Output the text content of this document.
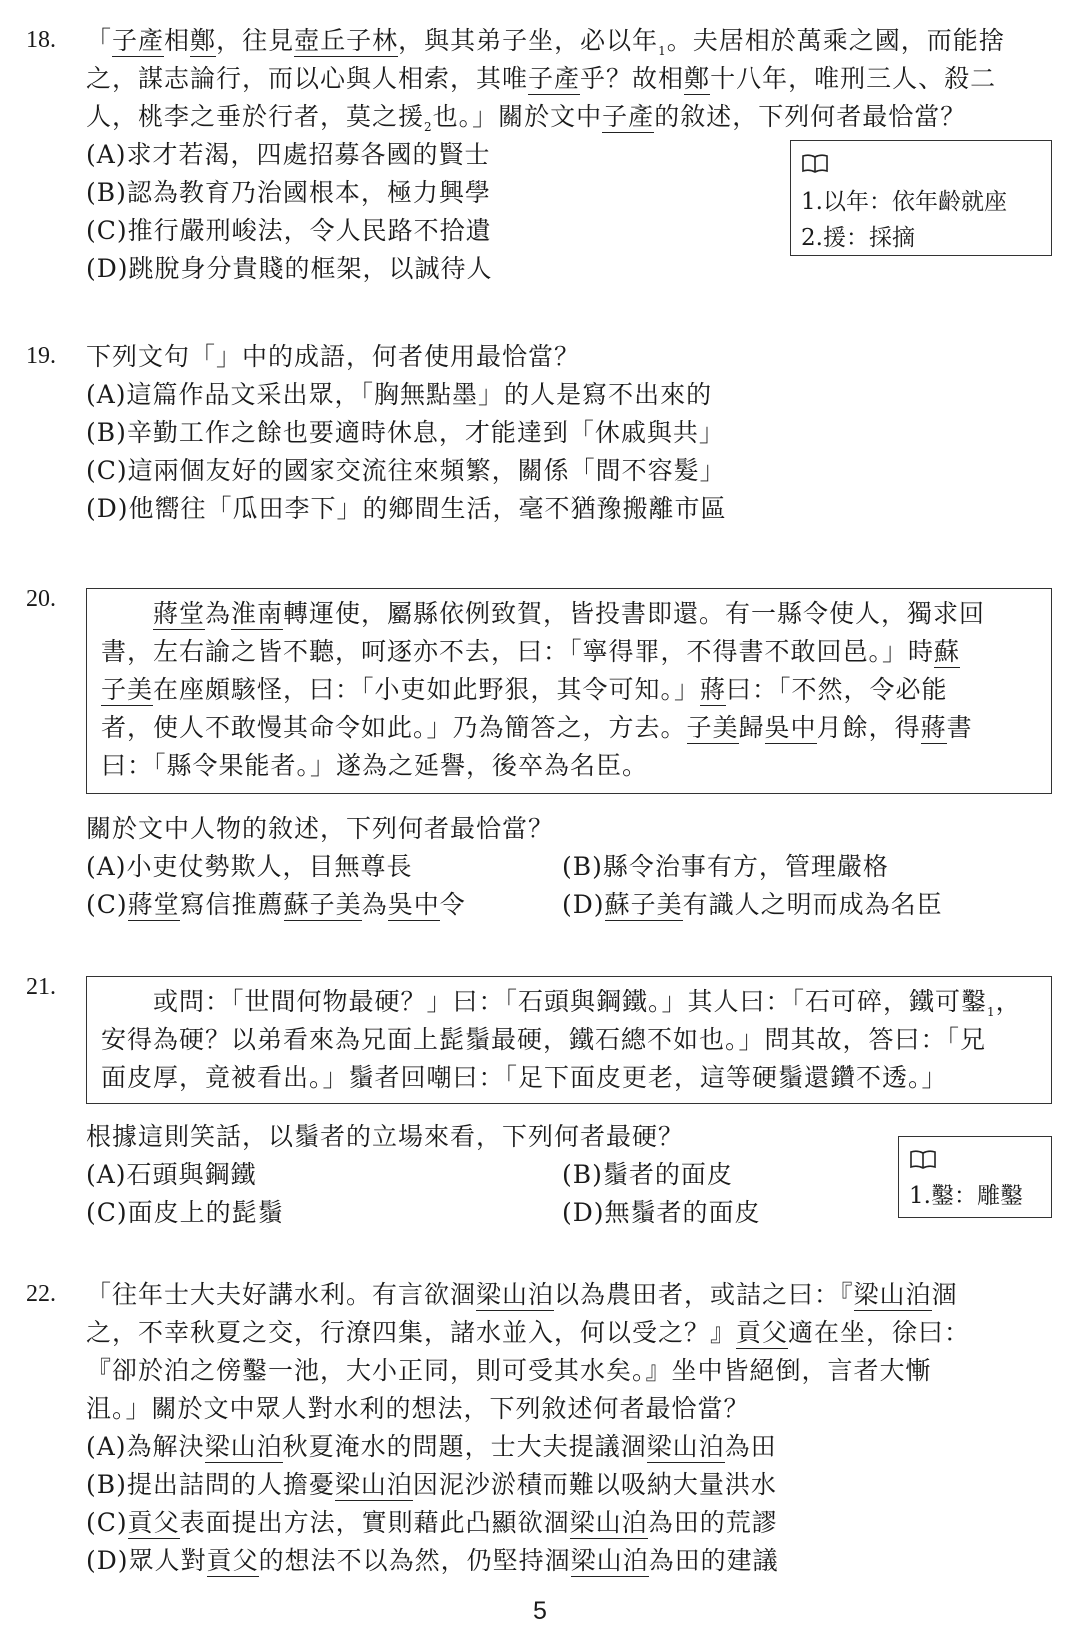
18. 「子產相鄭，往見壺丘子林，與其弟子坐，必以年$_1$。夫居相於萬乘之國，而能捨
之，謀志論行，而以心與人相索，其唯子產乎？故相鄭十八年，唯刑三人、殺二
人，桃李之垂於行者，莫之援$_2$也。」關於文中子產的敘述，下列何者最恰當？
(A)求才若渴，四處招募各國的賢士
(B)認為教育乃治國根本，極力興學
(C)推行嚴刑峻法，令人民路不拾遺
(D)跳脫身分貴賤的框架，以誠待人
1.以年：依年齡就座
2.援：採摘
19. 下列文句「」中的成語，何者使用最恰當？
(A)這篇作品文采出眾，「胸無點墨」的人是寫不出來的
(B)辛勤工作之餘也要適時休息，才能達到「休戚與共」
(C)這兩個友好的國家交流往來頻繁，關係「間不容髮」
(D)他嚮往「瓜田李下」的鄉間生活，毫不猶豫搬離市區
20.	蔣堂為淮南轉運使，屬縣依例致賀，皆投書即還。有一縣令使人，獨求回
書，左右諭之皆不聽，呵逐亦不去，曰：「寧得罪，不得書不敢回邑。」時蘇
子美在座頗駭怪，曰：「小吏如此野狠，其令可知。」蔣曰：「不然，令必能
者，使人不敢慢其命令如此。」乃為簡答之，方去。子美歸吳中月餘，得蔣書
曰：「縣令果能者。」遂為之延譽，後卒為名臣。
關於文中人物的敘述，下列何者最恰當？
(A)小吏仗勢欺人，目無尊長	(B)縣令治事有方，管理嚴格
(C)蔣堂寫信推薦蘇子美為吳中令	(D)蘇子美有識人之明而成為名臣
21.	或問：「世間何物最硬？」曰：「石頭與鋼鐵。」其人曰：「石可碎，鐵可鑿$_1$，
安得為硬？以弟看來為兄面上髭鬚最硬，鐵石總不如也。」問其故，答曰：「兄
面皮厚，竟被看出。」鬚者回嘲曰：「足下面皮更老，這等硬鬚還鑽不透。」
根據這則笑話，以鬚者的立場來看，下列何者最硬？
(A)石頭與鋼鐵	(B)鬚者的面皮
(C)面皮上的髭鬚	(D)無鬚者的面皮
1.鑿：雕鑿
22. 「往年士大夫好講水利。有言欲涸梁山泊以為農田者，或詰之曰：『梁山泊涸
之，不幸秋夏之交，行潦四集，諸水並入，何以受之？』貢父適在坐，徐曰：
『卻於泊之傍鑿一池，大小正同，則可受其水矣。』坐中皆絕倒，言者大慚
沮。」關於文中眾人對水利的想法，下列敘述何者最恰當？
(A)為解決梁山泊秋夏淹水的問題，士大夫提議涸梁山泊為田
(B)提出詰問的人擔憂梁山泊因泥沙淤積而難以吸納大量洪水
(C)貢父表面提出方法，實則藉此凸顯欲涸梁山泊為田的荒謬
(D)眾人對貢父的想法不以為然，仍堅持涸梁山泊為田的建議
5
